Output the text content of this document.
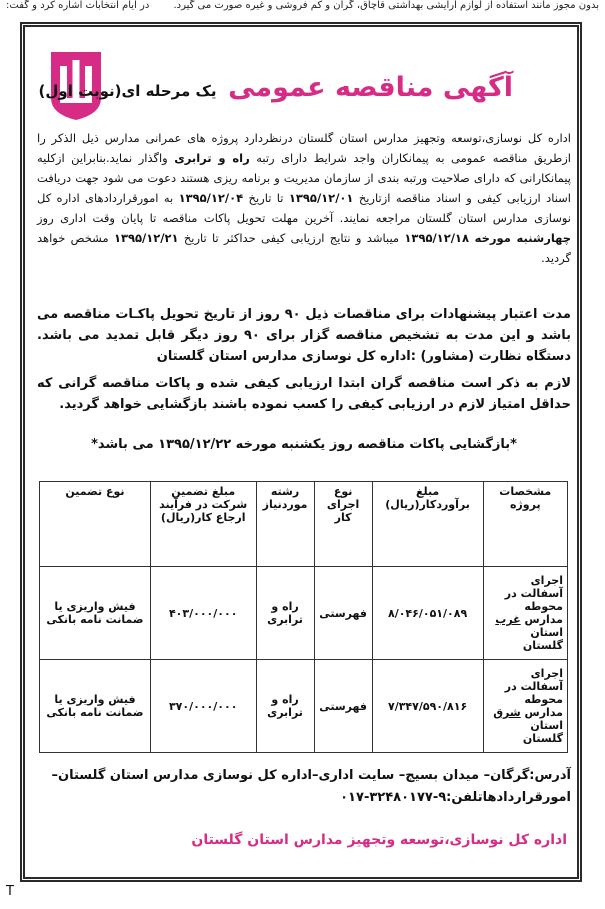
بدون مجوز مانند استفاده از لوازم آرایشی بهداشتی قاچاق، گران و کم فروشی و غیره صورت می گیرد.
در ایام انتخابات اشاره کرد و گفت:
آگهی مناقصه عمومی یک مرحله ای(نوبت اول)
اداره کل نوسازی،توسعه وتجهیز مدارس استان گلستان درنظردارد پروژه های عمرانی مدارس ذیل الذکر را ازطریق مناقصه عمومی به پیمانکاران واجد شرایط دارای رتبه راه و ترابری واگذار نماید.بنابراین ازکلیه پیمانکارانی که دارای صلاحیت ورتبه بندی از سازمان مدیریت و برنامه ریزی هستند دعوت می شود جهت دریافت اسناد ارزیابی کیفی و اسناد مناقصه ازتاریخ ۱۳۹۵/۱۲/۰۱ تا تاریخ ۱۳۹۵/۱۲/۰۴ به امورقراردادهای اداره کل نوسازی مدارس استان گلستان مراجعه نمایند. آخرین مهلت تحویل پاکات مناقصه تا پایان وقت اداری روز چهارشنبه مورخه ۱۳۹۵/۱۲/۱۸ میباشد و نتایج ارزیابی کیفی حداکثر تا تاریخ ۱۳۹۵/۱۲/۲۱ مشخص خواهد گردید.
مدت اعتبار پیشنهادات برای مناقصات ذیل ۹۰ روز از تاریخ تحویل پاکـات مناقصه می باشد و این مدت به تشخیص مناقصه گزار برای ۹۰ روز دیگر قابل تمدید می باشد. دستگاه نظارت (مشاور) :اداره کل نوسازی مدارس استان گلستان
لازم به ذکر است مناقصه گران ابتدا ارزیابی کیفی شده و پاکات مناقصه گرانی که حداقل امتیاز لازم در ارزیابی کیفی را کسب نموده باشند بازگشایی خواهد گردید.
*بازگشایی پاکات مناقصه روز یکشنبه مورخه ۱۳۹۵/۱۲/۲۲ می باشد*
مشخصات پروژه	مبلغ برآوردکار(ریال)	نوع اجرای کار	رشته موردنیاز	مبلغ تضمین شرکت در فرآیند ارجاع کار(ریال)	نوع تضمین
اجرای آسفالت در محوطه مدارس غرب استان گلستان	۸/۰۴۶/۰۵۱/۰۸۹	فهرستی	راه و ترابری	۴۰۳/۰۰۰/۰۰۰	فیش واریزی یا ضمانت نامه بانکی
اجرای آسفالت در محوطه مدارس شرق استان گلستان	۷/۳۴۷/۵۹۰/۸۱۶	فهرستی	راه و ترابری	۳۷۰/۰۰۰/۰۰۰	فیش واریزی یا ضمانت نامه بانکی
آدرس:گرگان– میدان بسیج– سایت اداری–اداره کل نوسازی مدارس استان گلستان– امورقراردادهاتلفن:۹-۳۲۴۸۰۱۷۷-۰۱۷
اداره کل نوسازی،توسعه وتجهیز مدارس استان گلستان
T
